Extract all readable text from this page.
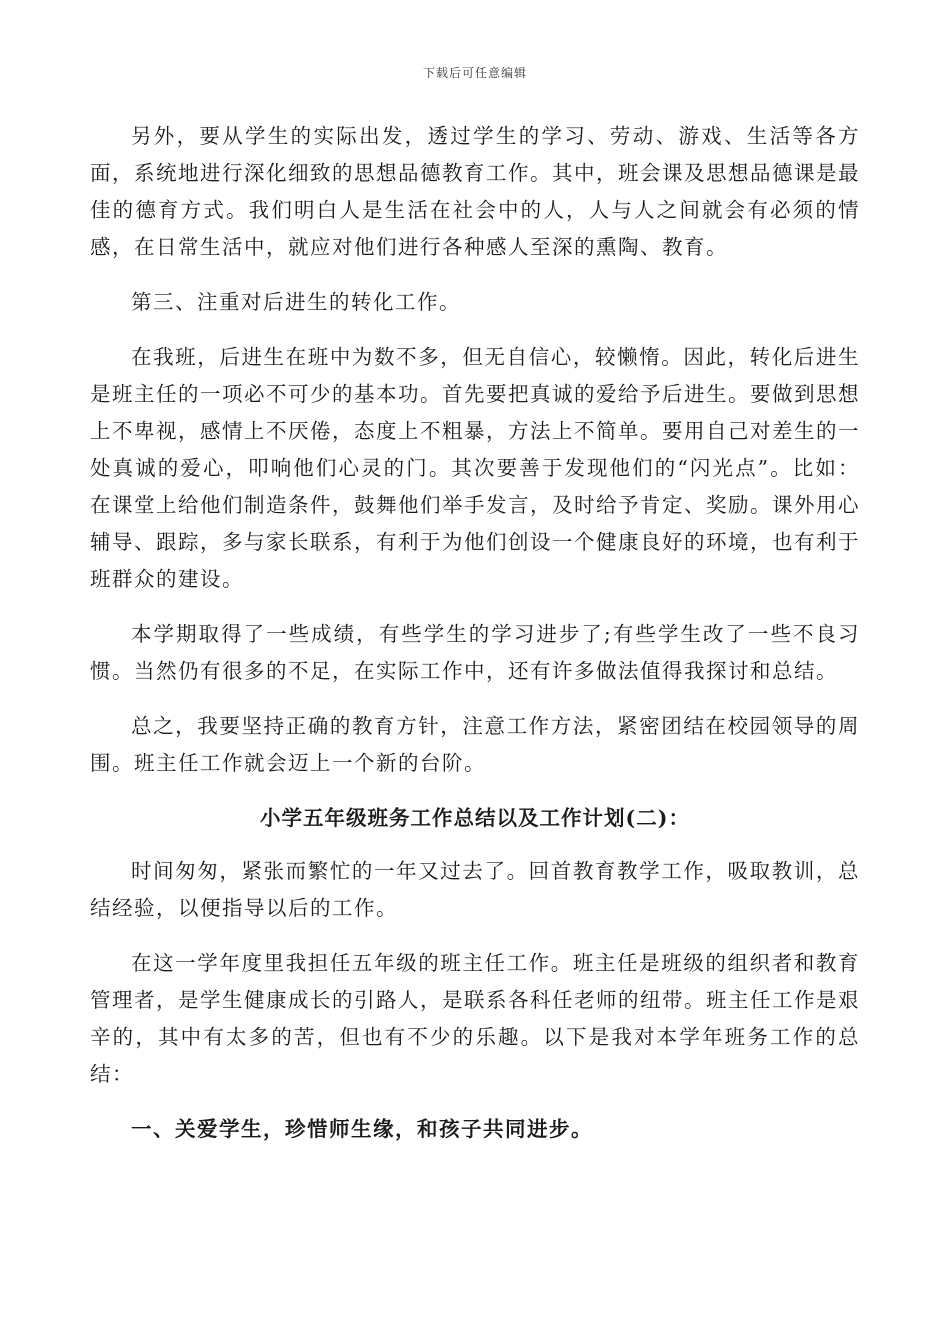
下载后可任意编辑

另外，要从学生的实际出发，透过学生的学习、劳动、游戏、生活等各方面，系统地进行深化细致的思想品德教育工作。其中，班会课及思想品德课是最佳的德育方式。我们明白人是生活在社会中的人，人与人之间就会有必须的情感，在日常生活中，就应对他们进行各种感人至深的熏陶、教育。

第三、注重对后进生的转化工作。

在我班，后进生在班中为数不多，但无自信心，较懒惰。因此，转化后进生是班主任的一项必不可少的基本功。首先要把真诚的爱给予后进生。要做到思想上不卑视，感情上不厌倦，态度上不粗暴，方法上不简单。要用自己对差生的一处真诚的爱心，叩响他们心灵的门。其次要善于发现他们的“闪光点”。比如：在课堂上给他们制造条件，鼓舞他们举手发言，及时给予肯定、奖励。课外用心辅导、跟踪，多与家长联系，有利于为他们创设一个健康良好的环境，也有利于班群众的建设。

本学期取得了一些成绩，有些学生的学习进步了;有些学生改了一些不良习惯。当然仍有很多的不足，在实际工作中，还有许多做法值得我探讨和总结。

总之，我要坚持正确的教育方针，注意工作方法，紧密团结在校园领导的周围。班主任工作就会迈上一个新的台阶。

小学五年级班务工作总结以及工作计划(二)：

时间匆匆，紧张而繁忙的一年又过去了。回首教育教学工作，吸取教训，总结经验，以便指导以后的工作。

在这一学年度里我担任五年级的班主任工作。班主任是班级的组织者和教育管理者，是学生健康成长的引路人，是联系各科任老师的纽带。班主任工作是艰辛的，其中有太多的苦，但也有不少的乐趣。以下是我对本学年班务工作的总结：

一、关爱学生，珍惜师生缘，和孩子共同进步。
